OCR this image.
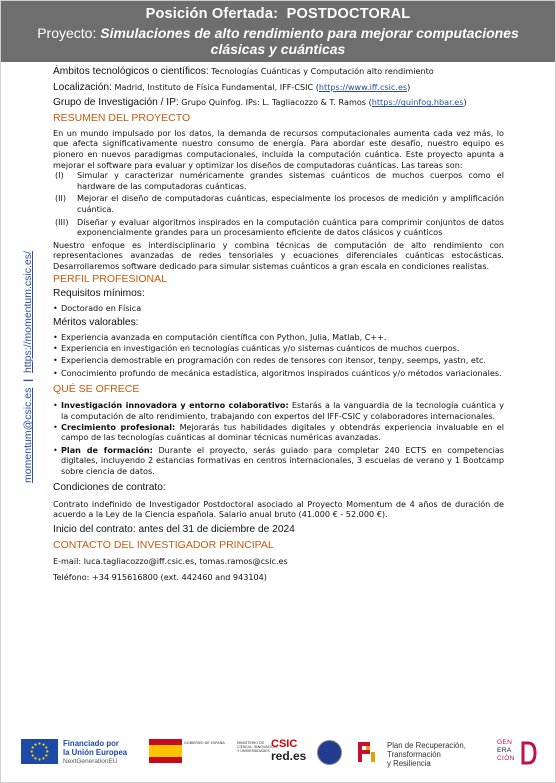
Posición Ofertada: POSTDOCTORAL
Proyecto: Simulaciones de alto rendimiento para mejorar computaciones clásicas y cuánticas
momentum@csic.es  |  https://momentum.csic.es/

Ámbitos tecnológicos o científicos: Tecnologías Cuánticas y Computación alto rendimiento

Localización: Madrid, Instituto de Física Fundamental, IFF-CSIC (https://www.iff.csic.es)

Grupo de Investigación / IP: Grupo Quinfog. IPs: L. Tagliacozzo & T. Ramos (https://quinfog.hbar.es)

RESUMEN DEL PROYECTO

En un mundo impulsado por los datos, la demanda de recursos computacionales aumenta cada vez más, lo que afecta significativamente nuestro consumo de energía. Para abordar este desafío, nuestro equipo es pionero en nuevos paradigmas computacionales, incluida la computación cuántica. Este proyecto apunta a mejorar el software para evaluar y optimizar los diseños de computadoras cuánticas. Las tareas son:

(I)	Simular y caracterizar numéricamente grandes sistemas cuánticos de muchos cuerpos como el hardware de las computadoras cuánticas.
(II)	Mejorar el diseño de computadoras cuánticas, especialmente los procesos de medición y amplificación cuántica.
(III)	Diseñar y evaluar algoritmos inspirados en la computación cuántica para comprimir conjuntos de datos exponencialmente grandes para un procesamiento eficiente de datos clásicos y cuánticos

Nuestro enfoque es interdisciplinario y combina técnicas de computación de alto rendimiento con representaciones avanzadas de redes tensoriales y ecuaciones diferenciales cuánticas estocásticas. Desarrollaremos software dedicado para simular sistemas cuánticos a gran escala en condiciones realistas.

PERFIL PROFESIONAL

Requisitos mínimos:

• Doctorado en Física

Méritos valorables:

• Experiencia avanzada en computación científica con Python, Julia, Matlab, C++.
• Experiencia en investigación en tecnologías cuánticas y/o sistemas cuánticos de muchos cuerpos.
• Experiencia demostrable en programación con redes de tensores con itensor, tenpy, seemps, yastn, etc.
• Conocimiento profundo de mecánica estadística, algoritmos inspirados cuánticos y/o métodos variacionales.

QUÉ SE OFRECE

• Investigación innovadora y entorno colaborativo: Estarás a la vanguardia de la tecnología cuántica y la computación de alto rendimiento, trabajando con expertos del IFF-CSIC y colaboradores internacionales.
• Crecimiento profesional: Mejorarás tus habilidades digitales y obtendrás experiencia invaluable en el campo de las tecnologías cuánticas al dominar técnicas numéricas avanzadas.
• Plan de formación: Durante el proyecto, serás guiado para completar 240 ECTS en competencias digitales, incluyendo 2 estancias formativas en centros internacionales, 3 escuelas de verano y 1 Bootcamp sobre ciencia de datos.

Condiciones de contrato:

Contrato indefinido de Investigador Postdoctoral asociado al Proyecto Momentum de 4 años de duración de acuerdo a la Ley de la Ciencia española. Salario anual bruto (41.000 € - 52.000 €).

Inicio del contrato: antes del 31 de diciembre de 2024

CONTACTO DEL INVESTIGADOR PRINCIPAL

E-mail: luca.tagliacozzo@iff.csic.es, tomas.ramos@csic.es

Teléfono: +34 915616800 (ext. 442460 and 943104)

Financiado por
la Unión Europea
NextGenerationEU
GOBIERNO DE ESPAÑA	MINISTERIO DE CIENCIA, INNOVACIÓN Y UNIVERSIDADES
CSIC
red.es
Plan de Recuperación,
Transformación
y Resiliencia
GEN
ERA
CIÓN
